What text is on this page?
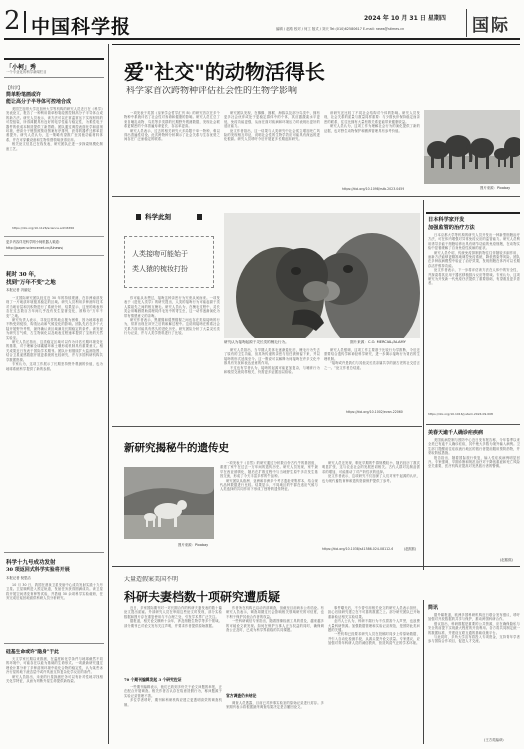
2 中国科学报	2024 年 10 月 31 日 星期四
编辑 / 赵路 校对 / 何工 版式 / 刘天 Tel:(010)62580617 E-mail: news@stimes.cn	国际
「小柯」秀
一个专业化的科学新闻栏目
【科学】
简单粉笔画或许
能让高分子半导体可控地合成
美国芝加哥大学及加州大学等机构的研究人员近日在《科学》发表论文，报告了一种利用简单粉笔绘图控制高分子半导体合成的新方法。研究人员表示，该方法可以在常温常压下实现材料的可控组装，所得薄膜具有良好的电学性能与稳定性，为柔性电子器件的低成本制造提供了新思路。团队通过调控表面化学和溶剂环境，使高分子链按照预设图案有序排列，获得的器件迁移率显著提升。研究人员认为，这一策略有望推广至其他功能材料体系，并在可穿戴设备和生物传感领域获得应用。
相关论文信息已在线发表，研究团队正进一步探索规模化制备工艺。
https://doi.org/10.1126/science.adm5656
更多内容详见科学网小柯机器人频道：
http://paper.sciencenet.cn/AInews/
耗时 30 年，
找到"万年不变"之地
本报记者 冯丽妃
一支国际研究团队经过近 30 年的持续观测，在非洲南部发现了一片地质环境极其稳定的区域。研究人员利用多种测年技术对当地岩层和沉积物进行了系统分析，结果显示，这里的地表形态在过去数百万年间几乎没有发生显著变化，被称为“万年不变”之地。
研究负责人表示，寻找这样的地点极为困难，因为地球表面不断受到侵蚀、构造运动和气候变化的影响。团队先后在多个大陆开展野外考察，最终确认该区域满足长期稳定的条件。该发现为研究古气候、古生物演化以及地表过程速率提供了宝贵的天然实验室。
研究人员还指出，这类稳定区域可以作为评估长期环境变化的基准，对于理解全球碳循环和土壤形成机制具有重要意义。相关成果近日发表于国际学术期刊。团队计划继续扩大监测范围，结合卫星遥感数据开展更系统的比较研究，并与多国科研机构共享数据资源。
专家认为，这项工作展示了长期坚持野外观测的价值，也为地球系统科学提供了新的参照。
科学十九号成功发射
30 项返回式科学实验将开展
本报记者 倪思洁
10 月 30 日，我国在酒泉卫星发射中心成功发射实践十九号卫星。卫星顺利进入预定轨道，发射任务获得圆满成功。该卫星将开展空间诱变育种等试验，并搭载 30 余项科学实验载荷，任务完成后返回地面供科研人员分析研究。
硅基生命或许"隐身"于此
天文学家长期以来推测，在温度和化学条件与地球截然不同的环境中，可能存在以硅为基础的生命形式。一项最新研究通过理论计算分析了多种溶剂环境中硅化合物的稳定性，认为某些冰冷行星的地下液态层中或许具备支持复杂化学反应的条件。
研究人员指出，未来的行星探测任务可以有针对性地寻找相关化学特征，从而为判断外星生命提供新线索。
爱"社交"的动物活得长
科学家首次跨物种评估社会性的生物学影响
一项发表于英国《皇家学会哲学汇刊 B》的研究首次在多个物种中系统评估了社会性对寿命和健康的影响。研究人员汇总了来自哺乳动物、鸟类等多类群的长期野外观测数据，发现社会联系更紧密的个体普遍寿命更长、存活率更高。
研究人员表示，过去的相关研究大多局限于单一物种，难以得出普遍性结论。此次跨物种分析揭示了社会关系与生存优势之间存在广泛而稳定的联系。
研究团队发现，在狒狒、猕猴、海豚以及部分鸟类中，拥有更多社会伙伴或处于更稳定群体中的个体，其应激激素水平更低，免疫功能更强，从而在面对疾病和环境压力时表现出更好的适应能力。
论文作者指出，这一结果与人类研究中社会孤立增加死亡风险的发现相互印证，说明社会性的生物学效应可能具有深远的进化根源。研究人员呼吁今后开展更多长期追踪研究。
该研究还比较了不同社会结构对个体的影响。研究人员发现，社会关系的质量与数量同样重要：与少数伙伴保持稳定而亲密的联系，往往比拥有大量松散关系更能带来健康收益。
研究人员认为，这项工作为理解社会行为的演化提供了新的证据，也对野生动物保护和圈养管理具有参考价值。
https://doi.org/10.1098/rstb.2023.0459	图片来源：Pixabay
科学此刻
人类接吻可能始于
类人猿的梳妆打扮
研究认为接吻起源于灵长类的梳毛行为。	图片来源：C.O. MERCIAL/ALAMY
你可能从未想过，接吻这种亲密行为究竟从何而来。一项发表于《进化人类学》的研究提出，人类的接吻行为可能起源于类人猿祖先之间的相互梳毛。研究人员认为，在梳毛过程中，灵长类会用嘴唇帮助清理同伴毛发中的寄生虫，这一动作逐渐演化为带有情感意义的亲吻。
研究作者表示，黑猩猩和倭黑猩猩之间也存在类似接吻的行为，常常出现在冲突之后的和解过程中。这说明接吻在维系社会关系方面可能具有悠久的进化历史。研究团队分析了大量灵长类行为记录，并与人类学资料进行了比较。
研究人员指出，当早期人类体毛逐渐退化后，梳毛行为失去了原有的卫生功能，但其所传递的亲密与信任被保留下来，并以接吻的形式延续至今。这一假说可以解释为何接吻在许多文化中都具有安抚和表达爱意的作用。
不过也有学者认为，接吻的起源可能更加复杂，与哺育行为和嗅觉交流同样相关，仍需更多证据加以检验。
研究人员强调，这项工作主要基于比较行为学推断，今后还需要结合遗传学和神经科学研究，进一步揭示接吻行为背后的生理机制。
“接吻或许是我们与其他灵长类亲属共享的最古老的社交语言之一。”论文作者总结道。
https://doi.org/10.1002/evan.22060
日本科学家开发
加强监管的治疗方法
日本京都大学等机构的研究人员开发出一种新型细胞治疗方法，可在体内增强对异常免疫反应的监管能力。研究人员利用诱导多能干细胞培养出具有调节功能的免疫细胞，在动物实验中显著缓解了自身免疫性疾病的症状。
研究人员介绍，传统免疫抑制药物往往伴随较多副作用，而新方法能够更精准地调控免疫系统，降低感染等风险。团队在多种疾病模型中验证了治疗效果，发现细胞在体内可以长期存活并维持功能。
论文作者表示，下一步将评估该方法在人体中的安全性，并探索将其应用于器官移植排斥反应等领域。专家认为，这项研究为开发新一代免疫疗法提供了重要基础，有望惠及更多患者。
https://doi.org/10.1016/j.stem.2024.09.008
美春天逾千人确诊疟疾病
美国疾病控制与预防中心近日发布报告称，今年春季以来全美已有逾千人确诊疟疾，其中绝大多数为境外输入病例。卫生部门提醒前往疟疾流行地区的旅行者提前服用预防药物，并采取防蚊措施。
报告指出，随着国际旅行恢复，输入性疟疾病例明显回升。专家强调，早期诊断和规范治疗对于降低重症和死亡风险至关重要，医疗机构应提高对发热旅行者的警惕。
(赵熙熙)
新研究揭秘牛的遗传史
图片来源：Pixabay
一项发表于《自然》的研究通过分析数百份古代牛的基因组，重建了家牛在过去一万年间的遗传历史。研究人员发现，家牛最早在西亚被驯化，随后在扩散过程中与当地野生原牛多次发生基因交流，形成了今天丰富多样的牛品种。
研究团队从欧洲、亚洲和非洲多个考古遗址采集样本，结合现代品种数据进行比较。结果显示，不同地区的牛群在适应气候与人类选择的共同作用下形成了独特的遗传特征。
研究人员还发现，驯化早期的牛群规模较小，随后经历了数次明显扩张，这与农业社会的发展密切相关。古代人群对乳制品需求的增加，可能推动了对产奶性状的选择。
论文作者表示，这项研究不仅加深了人们对家牛起源的认识，也为现代畜牧育种和遗传资源保护提供了参考。
https://doi.org/10.1038/s41586-024-08112-6	(赵熙熙)
大量造假案美国不明
科研夫妻档数十项研究遭质疑
近日，多家国际期刊对一对长期合作的科研夫妻发表的数十篇论文提出质疑。外部研究人员在审阅这些论文时发现，部分实验数据和图片存在重复使用与不合理之处，引发学术界广泛关注。
据报道，相关论文横跨十余年，涉及细胞生物学等多个领域。部分期刊已对论文发布关注声明，并要求作者提供原始数据。
70 个期刊编辑发起 3 个研究佐证
一些期刊编辑表示，他们已收到多份关于论文问题的举报，正在配合开展调查。相关作者否认存在故意造假行为，称问题源于实验记录管理不善。
多位学者呼吁，期刊和科研机构应建立更透明高效的调查机制。
作者所在机构已启动内部调查，但截至目前尚未公布结论。有研究人员表示，调查周期过长会影响相关领域研究的可信度，也不利于保护其他合作者的权益。
一些科研诚信专家指出，随着图像检测工具的普及，越来越多的可疑论文被发现。如何在保护当事人正当权益的同时，确保调查公正及时，已成为科学界面临的共同课题。
官方调查仍未结论
调查人员透露，目前已对涉事实验室的原始记录进行封存。多家期刊表示将根据最终调查结果决定是否撤回论文。
事件曝光后，不少曾引用相关论文的研究人员表示担忧，担心后续研究建立在不可靠的数据之上。部分研究团队已开始重新验证相关实验结果。
业内人士认为，科研不端行为不仅损害个人声誉，也浪费大量科研资源。加强数据管理和实验记录规范，是预防此类问题的关键。
一些机构已经要求研究人员在投稿时同步上传原始数据，并引入自动化检测手段，从源头提升论文质量。专家建议，应加强对青年科研人员的诚信教育，营造风清气正的学术环境。
简讯
据外媒报道，欧洲多国科研机构近日联合发布倡议，呼吁加强对开放数据的共享与保护，推动跨国科研合作。
倡议指出，科研数据是重要的公共资源，应在确保隐私与安全的前提下实现最大程度的开放利用。各方将共同制定统一的数据标准，并建设互联互通的基础设施平台。
与此同时，多所大学宣布将投入专项资金，支持青年学者参与国际合作项目，促进人才交流。
(王方英编译)
